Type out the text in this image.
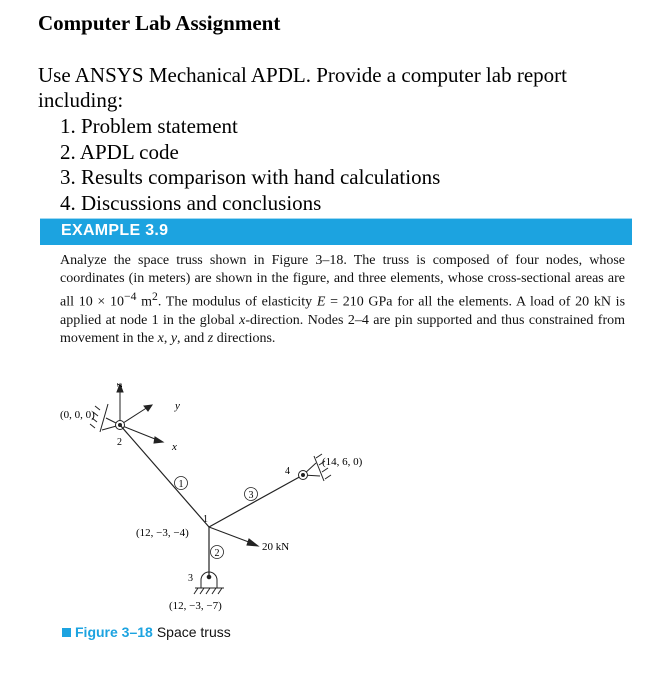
Computer Lab Assignment
Use ANSYS Mechanical APDL. Provide a computer lab report including:
1. Problem statement
2. APDL code
3. Results comparison with hand calculations
4. Discussions and conclusions
EXAMPLE 3.9
Analyze the space truss shown in Figure 3–18. The truss is composed of four nodes, whose coordinates (in meters) are shown in the figure, and three elements, whose cross-sectional areas are all $10 \times 10^{-4}$ $m^2$. The modulus of elasticity E = 210 GPa for all the elements. A load of 20 kN is applied at node 1 in the global x-direction. Nodes 2–4 are pin supported and thus constrained from movement in the x, y, and z directions.
z
y
x
(0, 0, 0)
2
1
3
2
1
(12, −3, −4)
20 kN
4
(14, 6, 0)
3
(12, −3, −7)
Figure 3–18 Space truss
